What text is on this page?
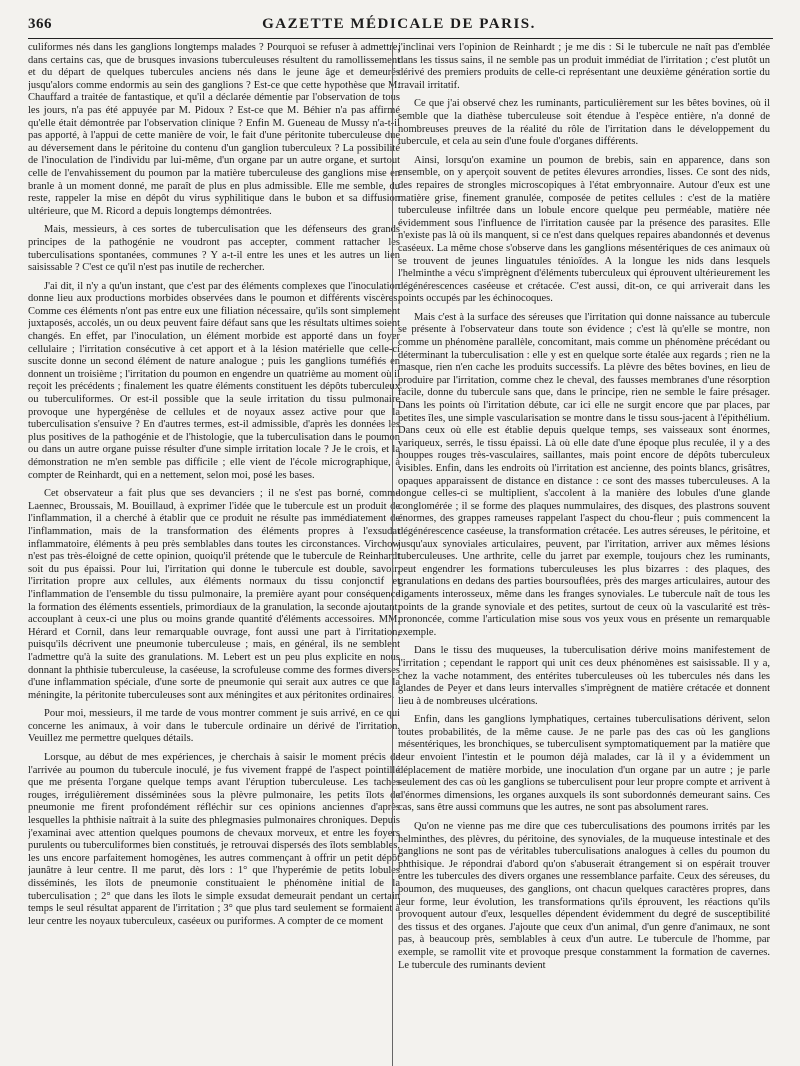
366	GAZETTE MÉDICALE DE PARIS.

culiformes nés dans les ganglions longtemps malades ? Pourquoi se refuser à admettre, dans certains cas, que de brusques invasions tuberculeuses résultent du ramollissement et du départ de quelques tubercules anciens nés dans le jeune âge et demeurés jusqu'alors comme endormis au sein des ganglions ? Est-ce que cette hypothèse que M. Chauffard a traitée de fantastique, et qu'il a déclarée démentie par l'observation de tous les jours, n'a pas été appuyée par M. Pidoux ? Est-ce que M. Béhier n'a pas affirmé qu'elle était démontrée par l'observation clinique ? Enfin M. Gueneau de Mussy n'a-t-il pas apporté, à l'appui de cette manière de voir, le fait d'une péritonite tuberculeuse due au déversement dans le péritoine du contenu d'un ganglion tuberculeux ? La possibilité de l'inoculation de l'individu par lui-même, d'un organe par un autre organe, et surtout celle de l'envahissement du poumon par la matière tuberculeuse des ganglions mise en branle à un moment donné, me paraît de plus en plus admissible. Elle me semble, du reste, rappeler la mise en dépôt du virus syphilitique dans le bubon et sa diffusion ultérieure, que M. Ricord a depuis longtemps démontrées.

Mais, messieurs, à ces sortes de tuberculisation que les défenseurs des grands principes de la pathogénie ne voudront pas accepter, comment rattacher les tuberculisations spontanées, communes ? Y a-t-il entre les unes et les autres un lien saisissable ? C'est ce qu'il n'est pas inutile de rechercher.

J'ai dit, il n'y a qu'un instant, que c'est par des éléments complexes que l'inoculation donne lieu aux productions morbides observées dans le poumon et différents viscères. Comme ces éléments n'ont pas entre eux une filiation nécessaire, qu'ils sont simplement juxtaposés, accolés, un ou deux peuvent faire défaut sans que les résultats ultimes soient changés. En effet, par l'inoculation, un élément morbide est apporté dans un foyer cellulaire ; l'irritation consécutive à cet apport et à la lésion matérielle que celle-ci suscite donne un second élément de nature analogue ; puis les ganglions tuméfiés en donnent un troisième ; l'irritation du poumon en engendre un quatrième au moment où il reçoit les précédents ; finalement les quatre éléments constituent les dépôts tuberculeux ou tuberculiformes. Or est-il possible que la seule irritation du tissu pulmonaire provoque une hypergénèse de cellules et de noyaux assez active pour que la tuberculisation s'ensuive ? En d'autres termes, est-il admissible, d'après les données les plus positives de la pathogénie et de l'histologie, que la tuberculisation dans le poumon ou dans un autre organe puisse résulter d'une simple irritation locale ? Je le crois, et la démonstration ne m'en semble pas difficile ; elle vient de l'école micrographique, à compter de Reinhardt, qui en a nettement, selon moi, posé les bases.

Cet observateur a fait plus que ses devanciers ; il ne s'est pas borné, comme Laennec, Broussais, M. Bouillaud, à exprimer l'idée que le tubercule est un produit de l'inflammation, il a cherché à établir que ce produit ne résulte pas immédiatement de l'inflammation, mais de la transformation des éléments propres à l'exsudat inflammatoire, éléments à peu près semblables dans toutes les circonstances. Virchow n'est pas très-éloigné de cette opinion, quoiqu'il prétende que le tubercule de Reinhardt soit du pus épaissi. Pour lui, l'irritation qui donne le tubercule est double, savoir, l'irritation propre aux cellules, aux éléments normaux du tissu conjonctif et l'inflammation de l'ensemble du tissu pulmonaire, la première ayant pour conséquence la formation des éléments essentiels, primordiaux de la granulation, la seconde ajoutant, accouplant à ceux-ci une plus ou moins grande quantité d'éléments accessoires. MM. Hérard et Cornil, dans leur remarquable ouvrage, font aussi une part à l'irritation, puisqu'ils décrivent une pneumonie tuberculeuse ; mais, en général, ils ne semblent l'admettre qu'à la suite des granulations. M. Lebert est un peu plus explicite en nous donnant la phthisie tuberculeuse, la caséeuse, la scrofuleuse comme des formes diverses d'une inflammation spéciale, d'une sorte de pneumonie qui serait aux autres ce que la méningite, la péritonite tuberculeuses sont aux méningites et aux péritonites ordinaires.

Pour moi, messieurs, il me tarde de vous montrer comment je suis arrivé, en ce qui concerne les animaux, à voir dans le tubercule ordinaire un dérivé de l'irritation. Veuillez me permettre quelques détails.

Lorsque, au début de mes expériences, je cherchais à saisir le moment précis de l'arrivée au poumon du tubercule inoculé, je fus vivement frappé de l'aspect pointillé que me présenta l'organe quelque temps avant l'éruption tuberculeuse. Les taches rouges, irrégulièrement disséminées sous la plèvre pulmonaire, les petits îlots de pneumonie me firent profondément réfléchir sur ces opinions anciennes d'après lesquelles la phthisie naîtrait à la suite des phlegmasies pulmonaires chroniques. Depuis j'examinai avec attention quelques poumons de chevaux morveux, et entre les foyers purulents ou tuberculiformes bien constitués, je retrouvai dispersés des îlots semblables, les uns encore parfaitement homogènes, les autres commençant à offrir un petit dépôt jaunâtre à leur centre. Il me parut, dès lors : 1° que l'hyperémie de petits lobules disséminés, les îlots de pneumonie constituaient le phénomène initial de la tuberculisation ; 2° que dans les îlots le simple exsudat demeurait pendant un certain temps le seul résultat apparent de l'irritation ; 3° que plus tard seulement se formaient à leur centre les noyaux tuberculeux, caséeux ou puriformes. A compter de ce moment

j'inclinai vers l'opinion de Reinhardt ; je me dis : Si le tubercule ne naît pas d'emblée dans les tissus sains, il ne semble pas un produit immédiat de l'irritation ; c'est plutôt un dérivé des premiers produits de celle-ci représentant une deuxième génération sortie du travail irritatif.

Ce que j'ai observé chez les ruminants, particulièrement sur les bêtes bovines, où il semble que la diathèse tuberculeuse soit étendue à l'espèce entière, n'a donné de nombreuses preuves de la réalité du rôle de l'irritation dans le développement du tubercule, et cela au sein d'une foule d'organes différents.

Ainsi, lorsqu'on examine un poumon de brebis, sain en apparence, dans son ensemble, on y aperçoit souvent de petites élevures arrondies, lisses. Ce sont des nids, des repaires de strongles microscopiques à l'état embryonnaire. Autour d'eux est une matière grise, finement granulée, composée de petites cellules : c'est de la matière tuberculeuse infiltrée dans un lobule encore quelque peu perméable, matière née évidemment sous l'influence de l'irritation causée par la présence des parasites. Elle n'existe pas là où ils manquent, si ce n'est dans quelques repaires abandonnés et devenus caséeux. La même chose s'observe dans les ganglions mésentériques de ces animaux où se trouvent de jeunes linguatules ténioïdes. A la longue les nids dans lesquels l'helminthe a vécu s'imprègnent d'éléments tuberculeux qui éprouvent ultérieurement les dégénérescences caséeuse et crétacée. C'est aussi, dit-on, ce qui arriverait dans les points occupés par les échinocoques.

Mais c'est à la surface des séreuses que l'irritation qui donne naissance au tubercule se présente à l'observateur dans toute son évidence ; c'est là qu'elle se montre, non comme un phénomène parallèle, concomitant, mais comme un phénomène précédant ou déterminant la tuberculisation : elle y est en quelque sorte étalée aux regards ; rien ne la masque, rien n'en cache les produits successifs. La plèvre des bêtes bovines, en lieu de produire par l'irritation, comme chez le cheval, des fausses membranes d'une résorption facile, donne du tubercule sans que, dans le principe, rien ne semble le faire présager. Dans les points où l'irritation débute, car ici elle ne surgit encore que par places, par petites îles, une simple vascularisation se montre dans le tissu sous-jacent à l'épithélium. Dans ceux où elle est établie depuis quelque temps, ses vaisseaux sont énormes, variqueux, serrés, le tissu épaissi. Là où elle date d'une époque plus reculée, il y a des houppes rouges très-vasculaires, saillantes, mais point encore de dépôts tuberculeux visibles. Enfin, dans les endroits où l'irritation est ancienne, des points blancs, grisâtres, opaques apparaissent de distance en distance : ce sont des masses tuberculeuses. A la longue celles-ci se multiplient, s'accolent à la manière des lobules d'une glande conglomérée ; il se forme des plaques nummulaires, des disques, des plastrons souvent énormes, des grappes rameuses rappelant l'aspect du chou-fleur ; puis commencent la dégénérescence caséeuse, la transformation crétacée. Les autres séreuses, le péritoine, et jusqu'aux synoviales articulaires, peuvent, par l'irritation, arriver aux mêmes lésions tuberculeuses. Une arthrite, celle du jarret par exemple, toujours chez les ruminants, peut engendrer les formations tuberculeuses les plus bizarres : des plaques, des granulations en dedans des parties boursouflées, près des marges articulaires, autour des ligaments interosseux, même dans les franges synoviales. Le tubercule naît de tous les points de la grande synoviale et des petites, surtout de ceux où la vascularité est très-prononcée, comme l'articulation mise sous vos yeux vous en présente un remarquable exemple.

Dans le tissu des muqueuses, la tuberculisation dérive moins manifestement de l'irritation ; cependant le rapport qui unit ces deux phénomènes est saisissable. Il y a, chez la vache notamment, des entérites tuberculeuses où les tubercules nés dans les glandes de Peyer et dans leurs intervalles s'imprègnent de matière crétacée et donnent lieu à de nombreuses ulcérations.

Enfin, dans les ganglions lymphatiques, certaines tuberculisations dérivent, selon toutes probabilités, de la même cause. Je ne parle pas des cas où les ganglions mésentériques, les bronchiques, se tuberculisent symptomatiquement par la matière que leur envoient l'intestin et le poumon déjà malades, car là il y a évidemment un déplacement de matière morbide, une inoculation d'un organe par un autre ; je parle seulement des cas où les ganglions se tuberculisent pour leur propre compte et arrivent à d'énormes dimensions, les organes auxquels ils sont subordonnés demeurant sains. Ces cas, sans être aussi communs que les autres, ne sont pas absolument rares.

Qu'on ne vienne pas me dire que ces tuberculisations des poumons irrités par les helminthes, des plèvres, du péritoine, des synoviales, de la muqueuse intestinale et des ganglions ne sont pas de véritables tuberculisations analogues à celles du poumon du phthisique. Je répondrai d'abord qu'on s'abuserait étrangement si on espérait trouver entre les tubercules des divers organes une ressemblance parfaite. Ceux des séreuses, du poumon, des muqueuses, des ganglions, ont chacun quelques caractères propres, dans leur forme, leur évolution, les transformations qu'ils éprouvent, les réactions qu'ils provoquent autour d'eux, lesquelles dépendent évidemment du degré de susceptibilité des tissus et des organes. J'ajoute que ceux d'un animal, d'un genre d'animaux, ne sont pas, à beaucoup près, semblables à ceux d'un autre. Le tubercule de l'homme, par exemple, se ramollit vite et provoque presque constamment la formation de cavernes. Le tubercule des ruminants devient
